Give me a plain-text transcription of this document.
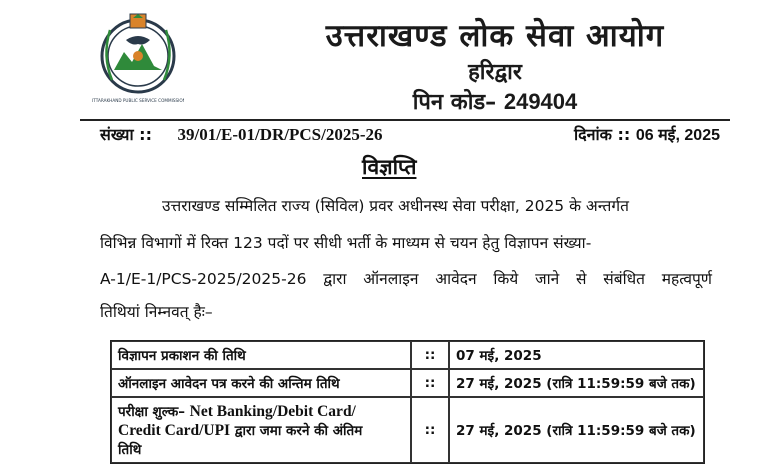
UTTARAKHAND PUBLIC SERVICE COMMISSION
उत्तराखण्ड लोक सेवा आयोग
हरिद्वार
पिन कोड– 249404
संख्या :: 39/01/E-01/DR/PCS/2025-26	दिनांक :: 06 मई, 2025
विज्ञप्ति
उत्तराखण्ड सम्मिलित राज्य (सिविल) प्रवर अधीनस्थ सेवा परीक्षा, 2025 के अन्तर्गत
विभिन्न विभागों में रिक्त 123 पदों पर सीधी भर्ती के माध्यम से चयन हेतु विज्ञापन संख्या-
A-1/E-1/PCS-2025/2025-26 द्वारा ऑनलाइन आवेदन किये जाने से संबंधित महत्वपूर्ण
तिथियां निम्नवत् हैः–
विज्ञापन प्रकाशन की तिथि	::	07 मई, 2025
ऑनलाइन आवेदन पत्र करने की अन्तिम तिथि	::	27 मई, 2025 (रात्रि 11:59:59 बजे तक)
परीक्षा शुल्क– Net Banking/Debit Card/
Credit Card/UPI द्वारा जमा करने की अंतिम
तिथि	::	27 मई, 2025 (रात्रि 11:59:59 बजे तक)
